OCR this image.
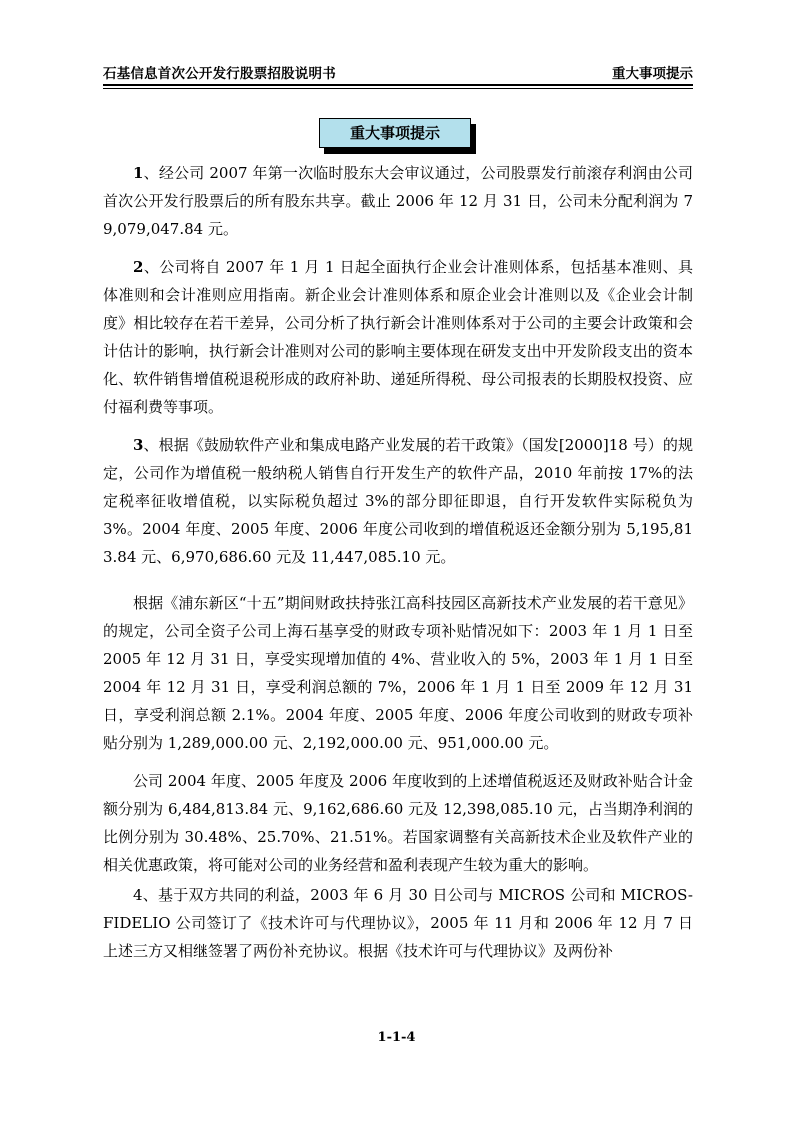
石基信息首次公开发行股票招股说明书	重大事项提示
重大事项提示

1、经公司 2007 年第一次临时股东大会审议通过，公司股票发行前滚存利润由公司首次公开发行股票后的所有股东共享。截止 2006 年 12 月 31 日，公司未分配利润为 79,079,047.84 元。

2、公司将自 2007 年 1 月 1 日起全面执行企业会计准则体系，包括基本准则、具体准则和会计准则应用指南。新企业会计准则体系和原企业会计准则以及《企业会计制度》相比较存在若干差异，公司分析了执行新会计准则体系对于公司的主要会计政策和会计估计的影响，执行新会计准则对公司的影响主要体现在研发支出中开发阶段支出的资本化、软件销售增值税退税形成的政府补助、递延所得税、母公司报表的长期股权投资、应付福利费等事项。

3、根据《鼓励软件产业和集成电路产业发展的若干政策》（国发[2000]18 号）的规定，公司作为增值税一般纳税人销售自行开发生产的软件产品，2010 年前按 17%的法定税率征收增值税，以实际税负超过 3%的部分即征即退，自行开发软件实际税负为 3%。2004 年度、2005 年度、2006 年度公司收到的增值税返还金额分别为 5,195,813.84 元、6,970,686.60 元及 11,447,085.10 元。

根据《浦东新区“十五”期间财政扶持张江高科技园区高新技术产业发展的若干意见》的规定，公司全资子公司上海石基享受的财政专项补贴情况如下：2003 年 1 月 1 日至 2005 年 12 月 31 日，享受实现增加值的 4%、营业收入的 5%，2003 年 1 月 1 日至 2004 年 12 月 31 日，享受利润总额的 7%，2006 年 1 月 1 日至 2009 年 12 月 31 日，享受利润总额 2.1%。2004 年度、2005 年度、2006 年度公司收到的财政专项补贴分别为 1,289,000.00 元、2,192,000.00 元、951,000.00 元。

公司 2004 年度、2005 年度及 2006 年度收到的上述增值税返还及财政补贴合计金额分别为 6,484,813.84 元、9,162,686.60 元及 12,398,085.10 元，占当期净利润的比例分别为 30.48%、25.70%、21.51%。若国家调整有关高新技术企业及软件产业的相关优惠政策，将可能对公司的业务经营和盈利表现产生较为重大的影响。

4、基于双方共同的利益，2003 年 6 月 30 日公司与 MICROS 公司和 MICROS-FIDELIO 公司签订了《技术许可与代理协议》，2005 年 11 月和 2006 年 12 月 7 日上述三方又相继签署了两份补充协议。根据《技术许可与代理协议》及两份补

1-1-4
